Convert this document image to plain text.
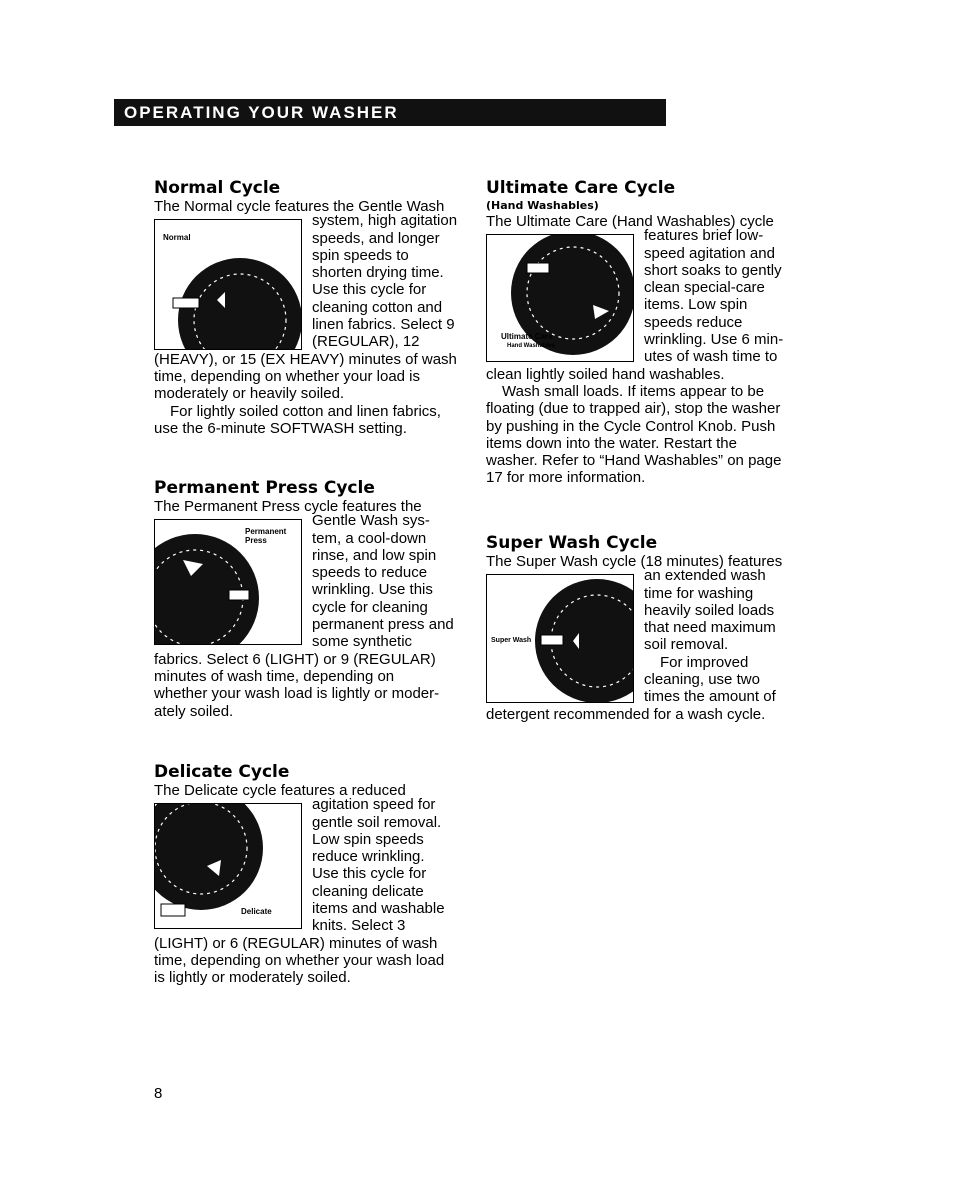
OPERATING YOUR WASHER

Normal Cycle

The Normal cycle features the Gentle Wash

Normal

system, high agitation

speeds, and longer

spin speeds to

shorten drying time.

Use this cycle for

cleaning cotton and

linen fabrics. Select 9

(REGULAR), 12

(HEAVY), or 15 (EX HEAVY) minutes of wash

time, depending on whether your load is

moderately or heavily soiled.

For lightly soiled cotton and linen fabrics,

use the 6-minute SOFTWASH setting.

Permanent Press Cycle

The Permanent Press cycle features the

Permanent
Press

Gentle Wash sys-

tem, a cool-down

rinse, and low spin

speeds to reduce

wrinkling. Use this

cycle for cleaning

permanent press and

some synthetic

fabrics. Select 6 (LIGHT) or 9 (REGULAR)

minutes of wash time, depending on

whether your wash load is lightly or moder-

ately soiled.

Delicate Cycle

The Delicate cycle features a reduced

Delicate

agitation speed for

gentle soil removal.

Low spin speeds

reduce wrinkling.

Use this cycle for

cleaning delicate

items and washable

knits. Select 3

(LIGHT) or 6 (REGULAR) minutes of wash

time, depending on whether your wash load

is lightly or moderately soiled.

Ultimate Care Cycle

(Hand Washables)

The Ultimate Care (Hand Washables) cycle

Ultimate Care
Hand Washables

features brief low-

speed agitation and

short soaks to gently

clean special-care

items. Low spin

speeds reduce

wrinkling. Use 6 min-

utes of wash time to

clean lightly soiled hand washables.

Wash small loads. If items appear to be

floating (due to trapped air), stop the washer

by pushing in the Cycle Control Knob. Push

items down into the water. Restart the

washer. Refer to “Hand Washables” on page

17 for more information.

Super Wash Cycle

The Super Wash cycle (18 minutes) features

Super Wash

an extended wash

time for washing

heavily soiled loads

that need maximum

soil removal.

For improved

cleaning, use two

times the amount of

detergent recommended for a wash cycle.

8
